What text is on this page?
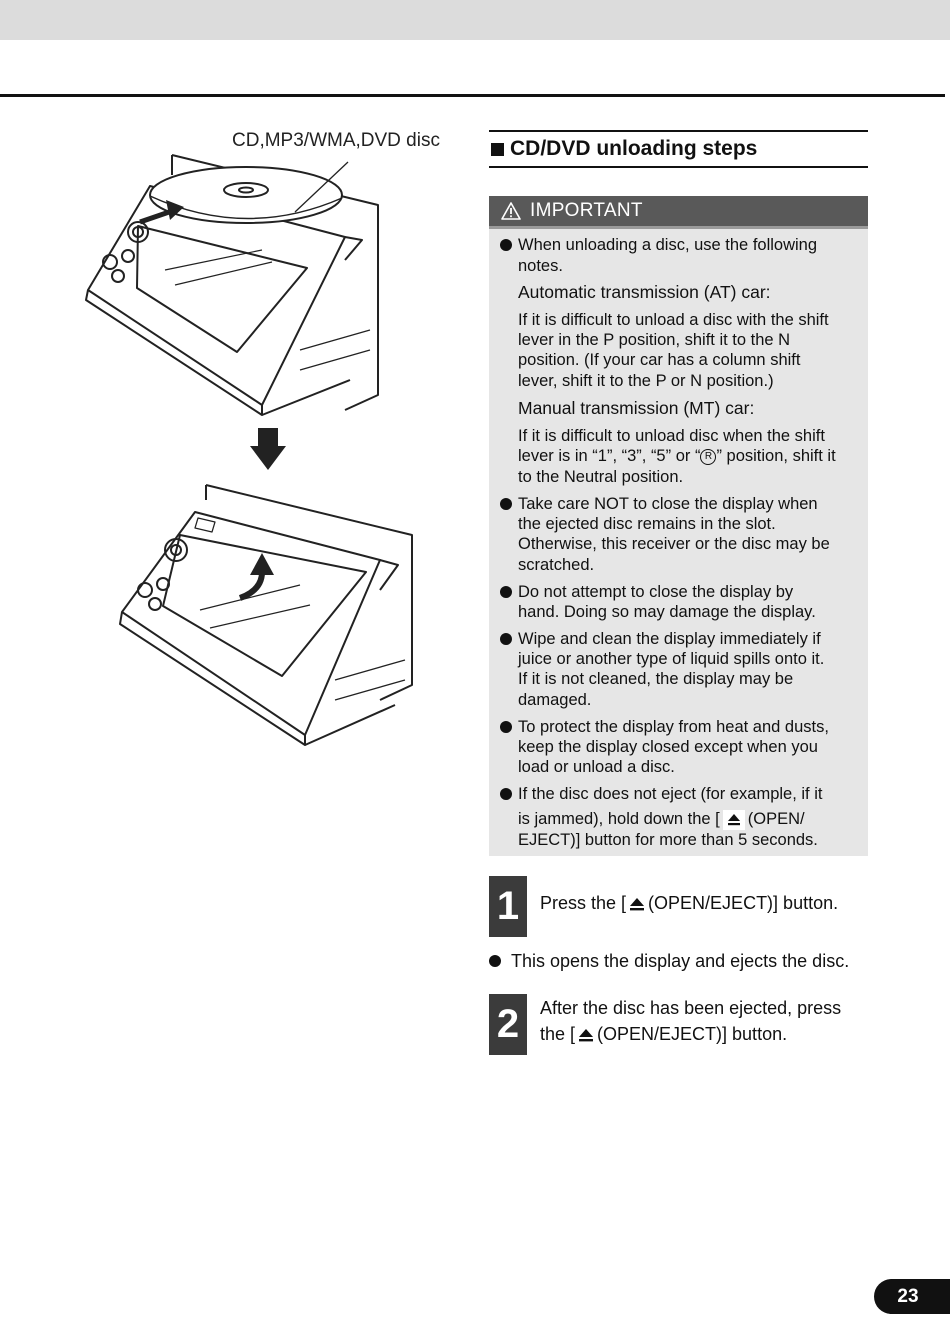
CD,MP3/WMA,DVD disc	CD/DVD unloading steps
IMPORTANT
When unloading a disc, use the following
notes.
Automatic transmission (AT) car:
If it is difficult to unload a disc with the shift
lever in the P position, shift it to the N
position. (If your car has a column shift
lever, shift it to the P or N position.)
Manual transmission (MT) car:
If it is difficult to unload disc when the shift
lever is in “1”, “3”, “5” or “ R ” position, shift it
to the Neutral position.
Take care NOT to close the display when
the ejected disc remains in the slot.
Otherwise, this receiver or the disc may be
scratched.
Do not attempt to close the display by
hand. Doing so may damage the display.
Wipe and clean the display immediately if
juice or another type of liquid spills onto it.
If it is not cleaned, the display may be
damaged.
To protect the display from heat and dusts,
keep the display closed except when you
load or unload a disc.
If the disc does not eject (for example, if it
is jammed), hold down the [ (OPEN/
EJECT)] button for more than 5 seconds.
1	Press the [ (OPEN/EJECT)] button.
This opens the display and ejects the disc.
2	After the disc has been ejected, press
the [ (OPEN/EJECT)] button.
23
